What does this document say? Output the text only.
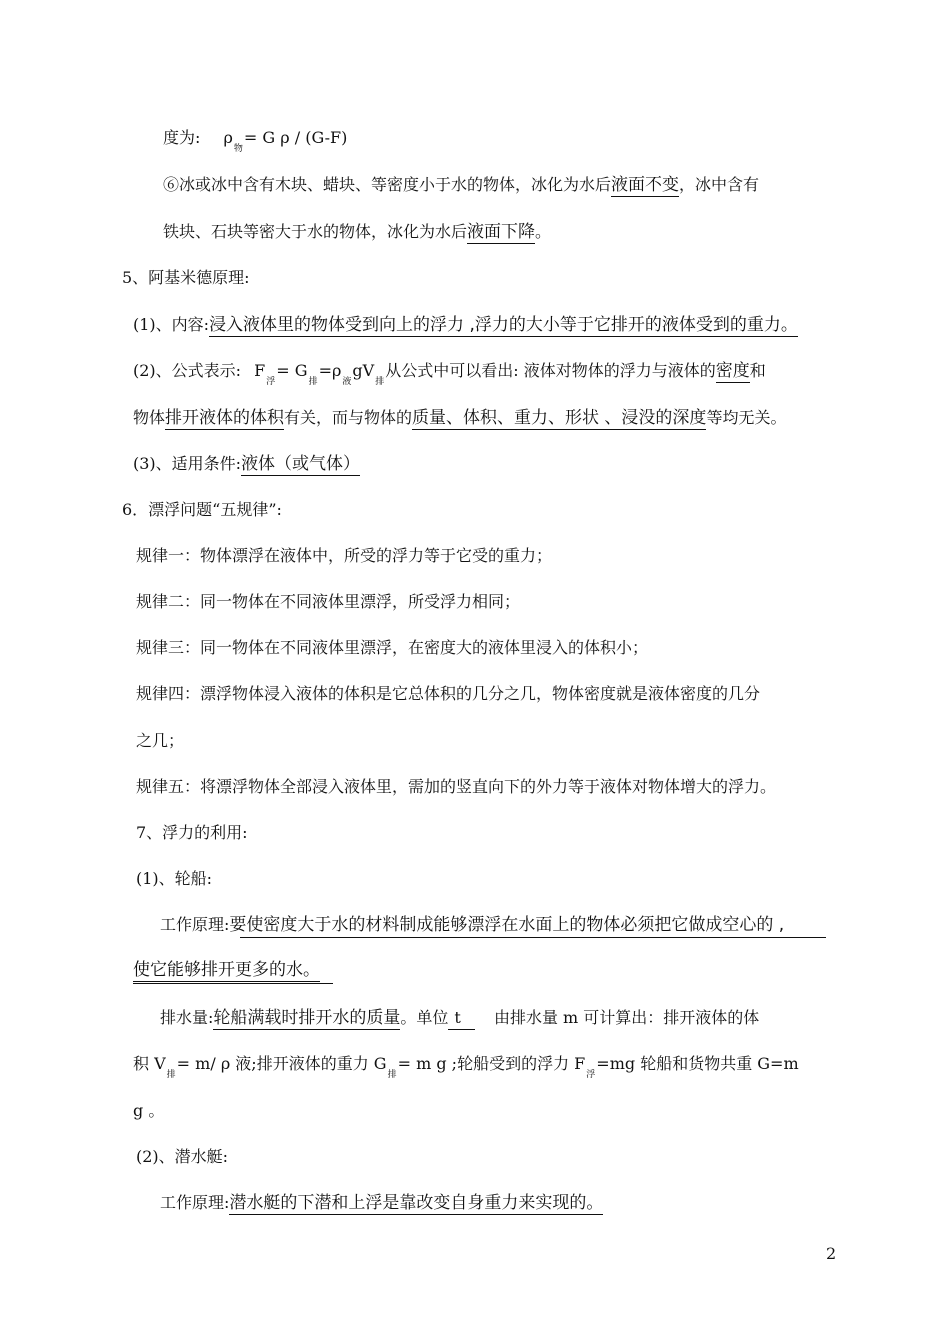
度为: $\rho_物= G$ ρ / (G-F)
⑥冰或冰中含有木块、蜡块、等密度小于水的物体，冰化为水后液面不变，冰中含有
铁块、石块等密大于水的物体，冰化为水后液面下降。
5、阿基米德原理:
(1)、内容:浸入液体里的物体受到向上的浮力 ,浮力的大小等于它排开的液体受到的重力。
(2)、公式表示: $F_浮= G_排=\rho_液gV_排$从公式中可以看出: 液体对物体的浮力与液体的密度和
物体排开液体的体积有关，而与物体的质量、体积、重力、形状 、浸没的深度等均无关。
(3)、适用条件:液体（或气体）
6．漂浮问题“五规律”:
规律一：物体漂浮在液体中，所受的浮力等于它受的重力；
规律二：同一物体在不同液体里漂浮，所受浮力相同；
规律三：同一物体在不同液体里漂浮，在密度大的液体里浸入的体积小；
规律四：漂浮物体浸入液体的体积是它总体积的几分之几，物体密度就是液体密度的几分
之几；
规律五：将漂浮物体全部浸入液体里，需加的竖直向下的外力等于液体对物体增大的浮力。
7、浮力的利用:
(1)、轮船:
工作原理:要使密度大于水的材料制成能够漂浮在水面上的物体必须把它做成空心的 ,
使它能够排开更多的水。
排水量:轮船满载时排开水的质量。单位 t 由排水量 m 可计算出：排开液体的体
积 $V_排= m/$ ρ 液;排开液体的重力 $G_排= m$ g ;轮船受到的浮力 $F_浮=mg$ 轮船和货物共重 G=m
g 。
(2)、潜水艇:
工作原理:潜水艇的下潜和上浮是靠改变自身重力来实现的。
2
